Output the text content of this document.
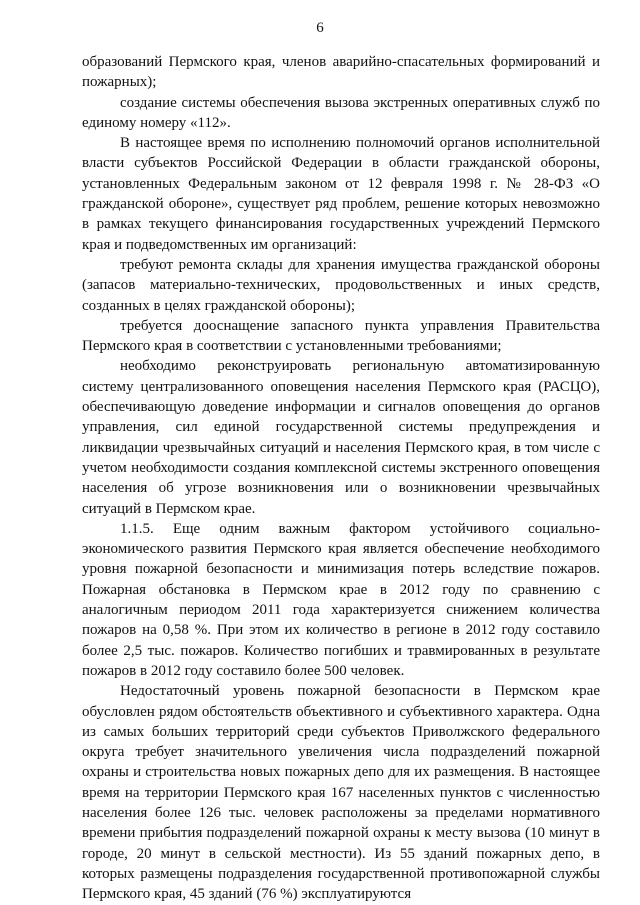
6

образований Пермского края, членов аварийно-спасательных формирований и пожарных);

создание системы обеспечения вызова экстренных оперативных служб по единому номеру «112».

В настоящее время по исполнению полномочий органов исполнительной власти субъектов Российской Федерации в области гражданской обороны, установленных Федеральным законом от 12 февраля 1998 г. № 28-ФЗ «О гражданской обороне», существует ряд проблем, решение которых невозможно в рамках текущего финансирования государственных учреждений Пермского края и подведомственных им организаций:

требуют ремонта склады для хранения имущества гражданской обороны (запасов материально-технических, продовольственных и иных средств, созданных в целях гражданской обороны);

требуется дооснащение запасного пункта управления Правительства Пермского края в соответствии с установленными требованиями;

необходимо реконструировать региональную автоматизированную систему централизованного оповещения населения Пермского края (РАСЦО), обеспечивающую доведение информации и сигналов оповещения до органов управления, сил единой государственной системы предупреждения и ликвидации чрезвычайных ситуаций и населения Пермского края, в том числе с учетом необходимости создания комплексной системы экстренного оповещения населения об угрозе возникновения или о возникновении чрезвычайных ситуаций в Пермском крае.

1.1.5. Еще одним важным фактором устойчивого социально-экономического развития Пермского края является обеспечение необходимого уровня пожарной безопасности и минимизация потерь вследствие пожаров. Пожарная обстановка в Пермском крае в 2012 году по сравнению с аналогичным периодом 2011 года характеризуется снижением количества пожаров на 0,58 %. При этом их количество в регионе в 2012 году составило более 2,5 тыс. пожаров. Количество погибших и травмированных в результате пожаров в 2012 году составило более 500 человек.

Недостаточный уровень пожарной безопасности в Пермском крае обусловлен рядом обстоятельств объективного и субъективного характера. Одна из самых больших территорий среди субъектов Приволжского федерального округа требует значительного увеличения числа подразделений пожарной охраны и строительства новых пожарных депо для их размещения. В настоящее время на территории Пермского края 167 населенных пунктов с численностью населения более 126 тыс. человек расположены за пределами нормативного времени прибытия подразделений пожарной охраны к месту вызова (10 минут в городе, 20 минут в сельской местности). Из 55 зданий пожарных депо, в которых размещены подразделения государственной противопожарной службы Пермского края, 45 зданий (76 %) эксплуатируются
